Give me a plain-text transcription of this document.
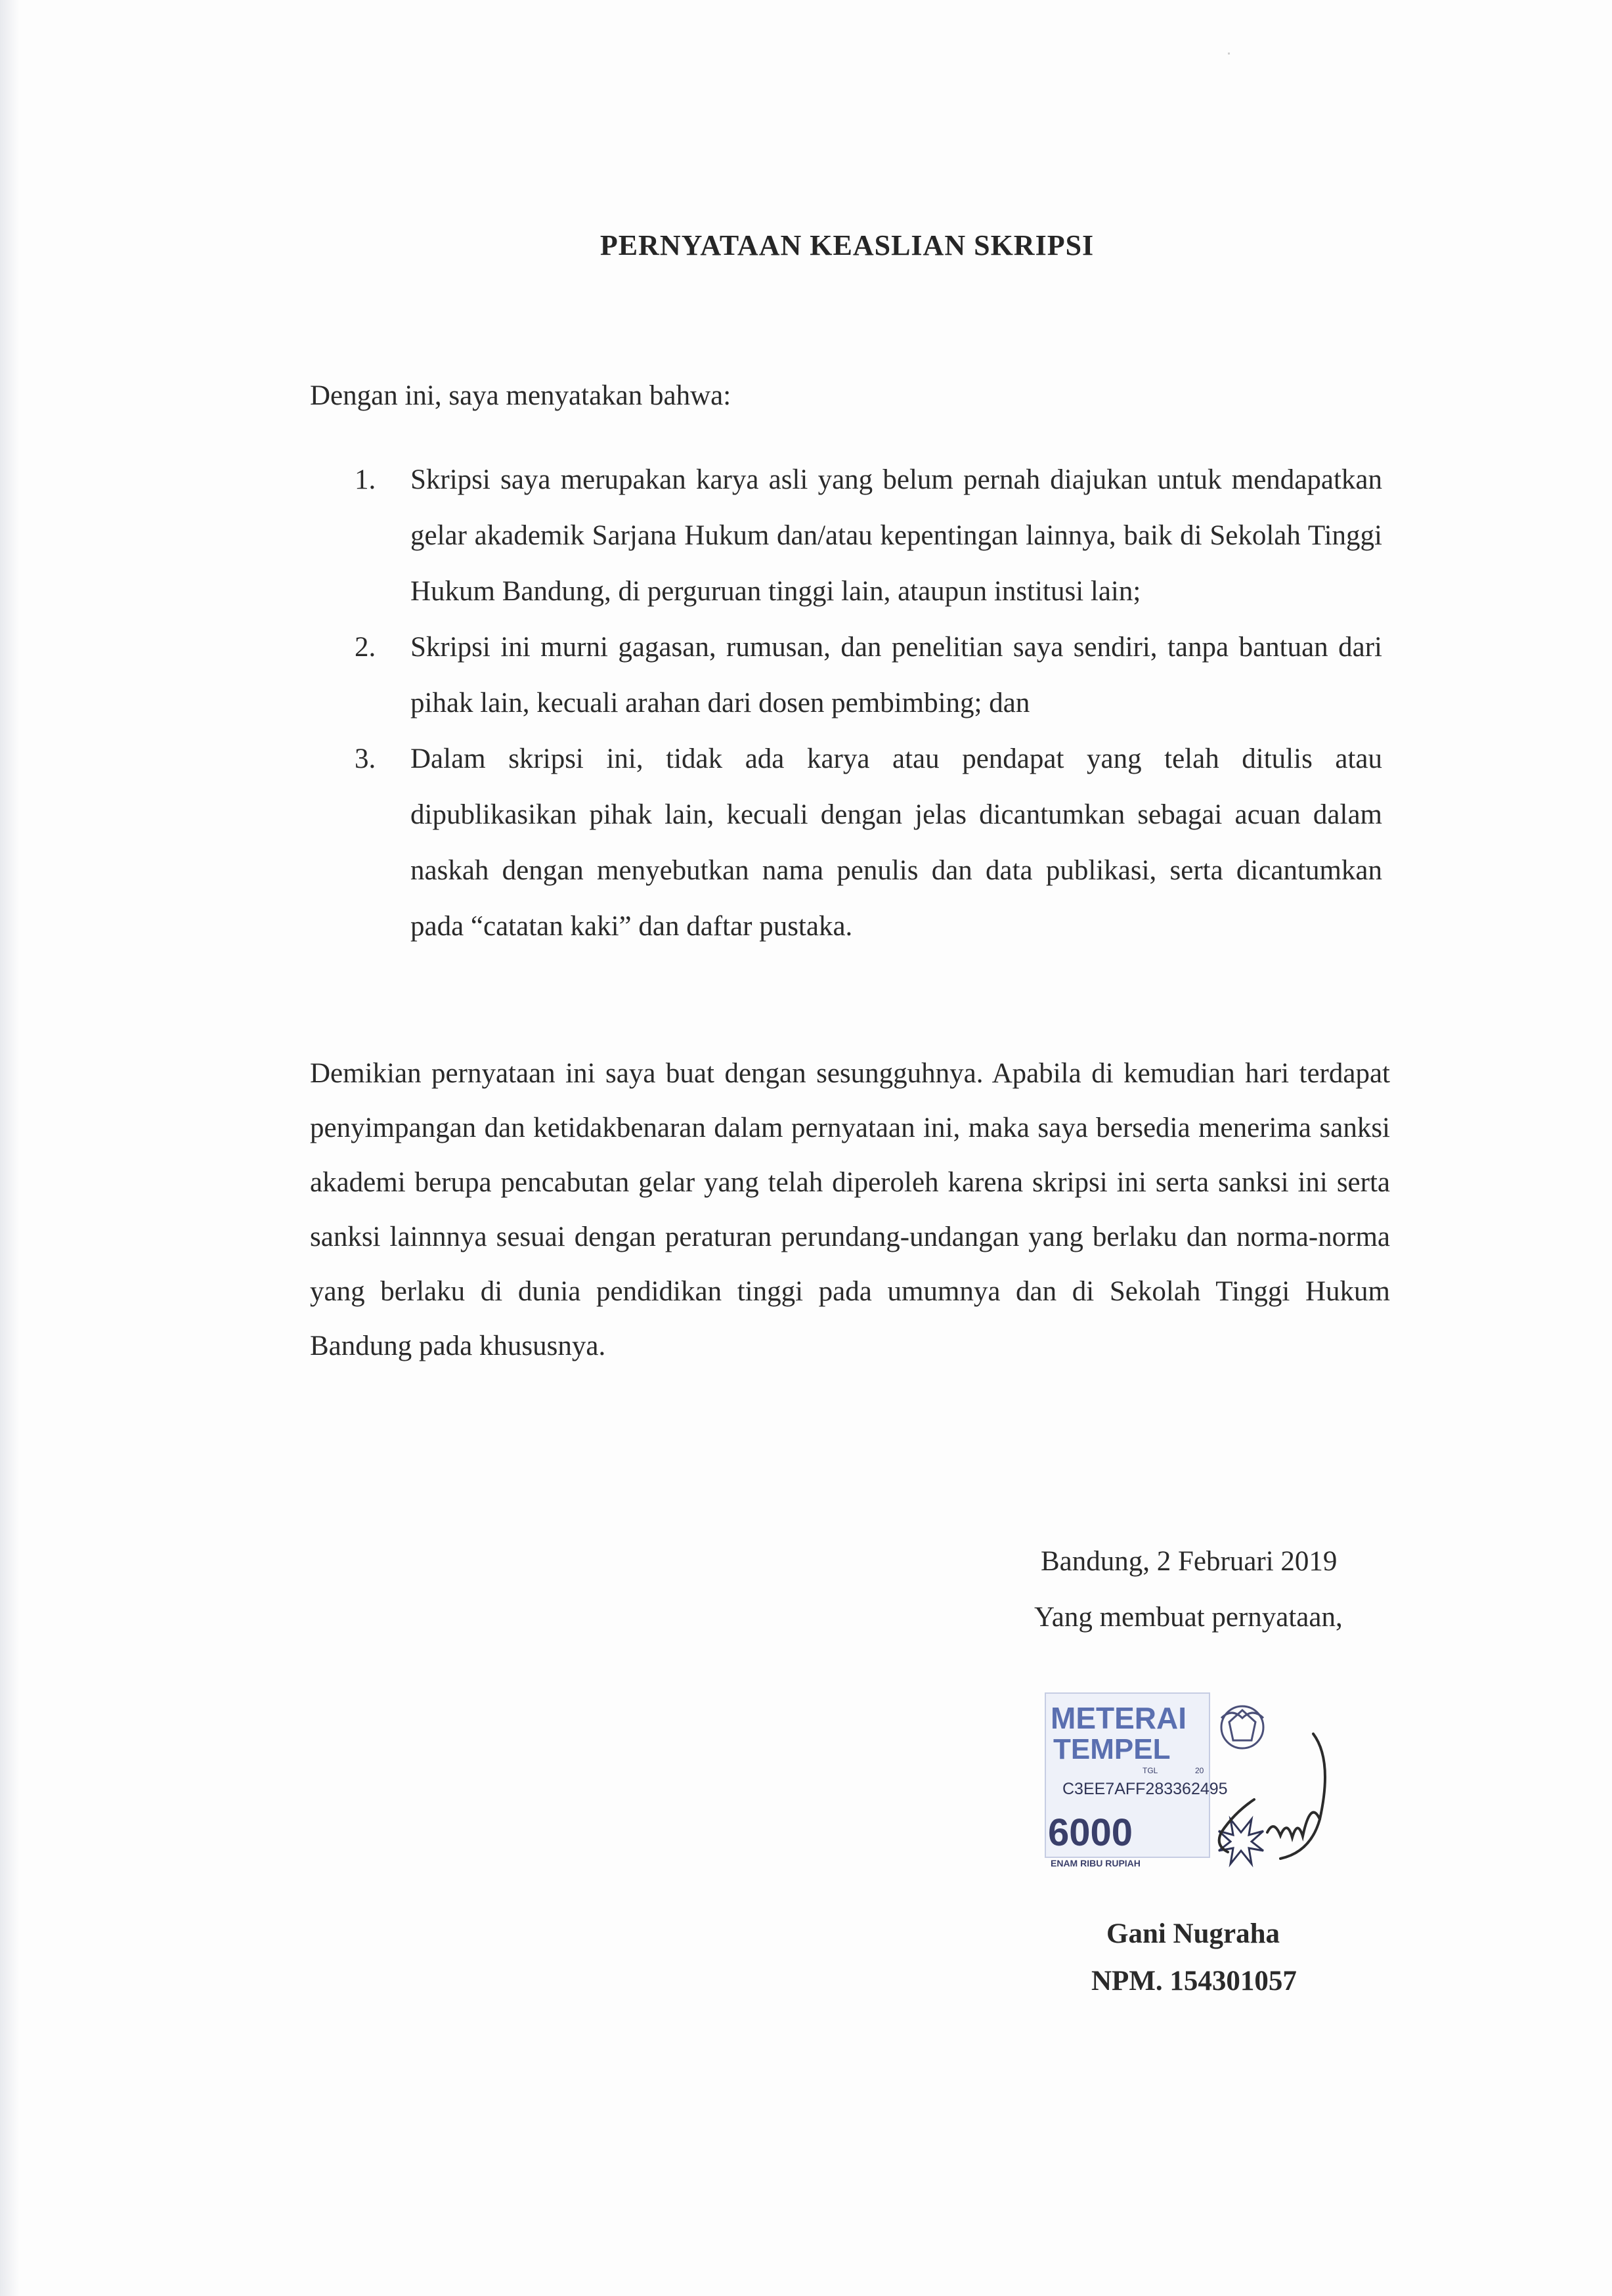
PERNYATAAN KEASLIAN SKRIPSI
Dengan ini, saya menyatakan bahwa:
1.	Skripsi saya merupakan karya asli yang belum pernah diajukan untuk mendapatkan gelar akademik Sarjana Hukum dan/atau kepentingan lainnya, baik di Sekolah Tinggi Hukum Bandung, di perguruan tinggi lain, ataupun institusi lain;
2.	Skripsi ini murni gagasan, rumusan, dan penelitian saya sendiri, tanpa bantuan dari pihak lain, kecuali arahan dari dosen pembimbing; dan
3.	Dalam skripsi ini, tidak ada karya atau pendapat yang telah ditulis atau dipublikasikan pihak lain, kecuali dengan jelas dicantumkan sebagai acuan dalam naskah dengan menyebutkan nama penulis dan data publikasi, serta dicantumkan pada “catatan kaki” dan daftar pustaka.

Demikian pernyataan ini saya buat dengan sesungguhnya. Apabila di kemudian hari terdapat penyimpangan dan ketidakbenaran dalam pernyataan ini, maka saya bersedia menerima sanksi akademi berupa pencabutan gelar yang telah diperoleh karena skripsi ini serta sanksi ini serta sanksi lainnnya sesuai dengan peraturan perundang-undangan yang berlaku dan norma-norma yang berlaku di dunia pendidikan tinggi pada umumnya dan di Sekolah Tinggi Hukum Bandung pada khususnya.

Bandung, 2 Februari 2019
Yang membuat pernyataan,
METERAI
TEMPEL
TGL	20
C3EE7AFF283362495
6000
ENAM RIBU RUPIAH
Gani Nugraha
NPM. 154301057
